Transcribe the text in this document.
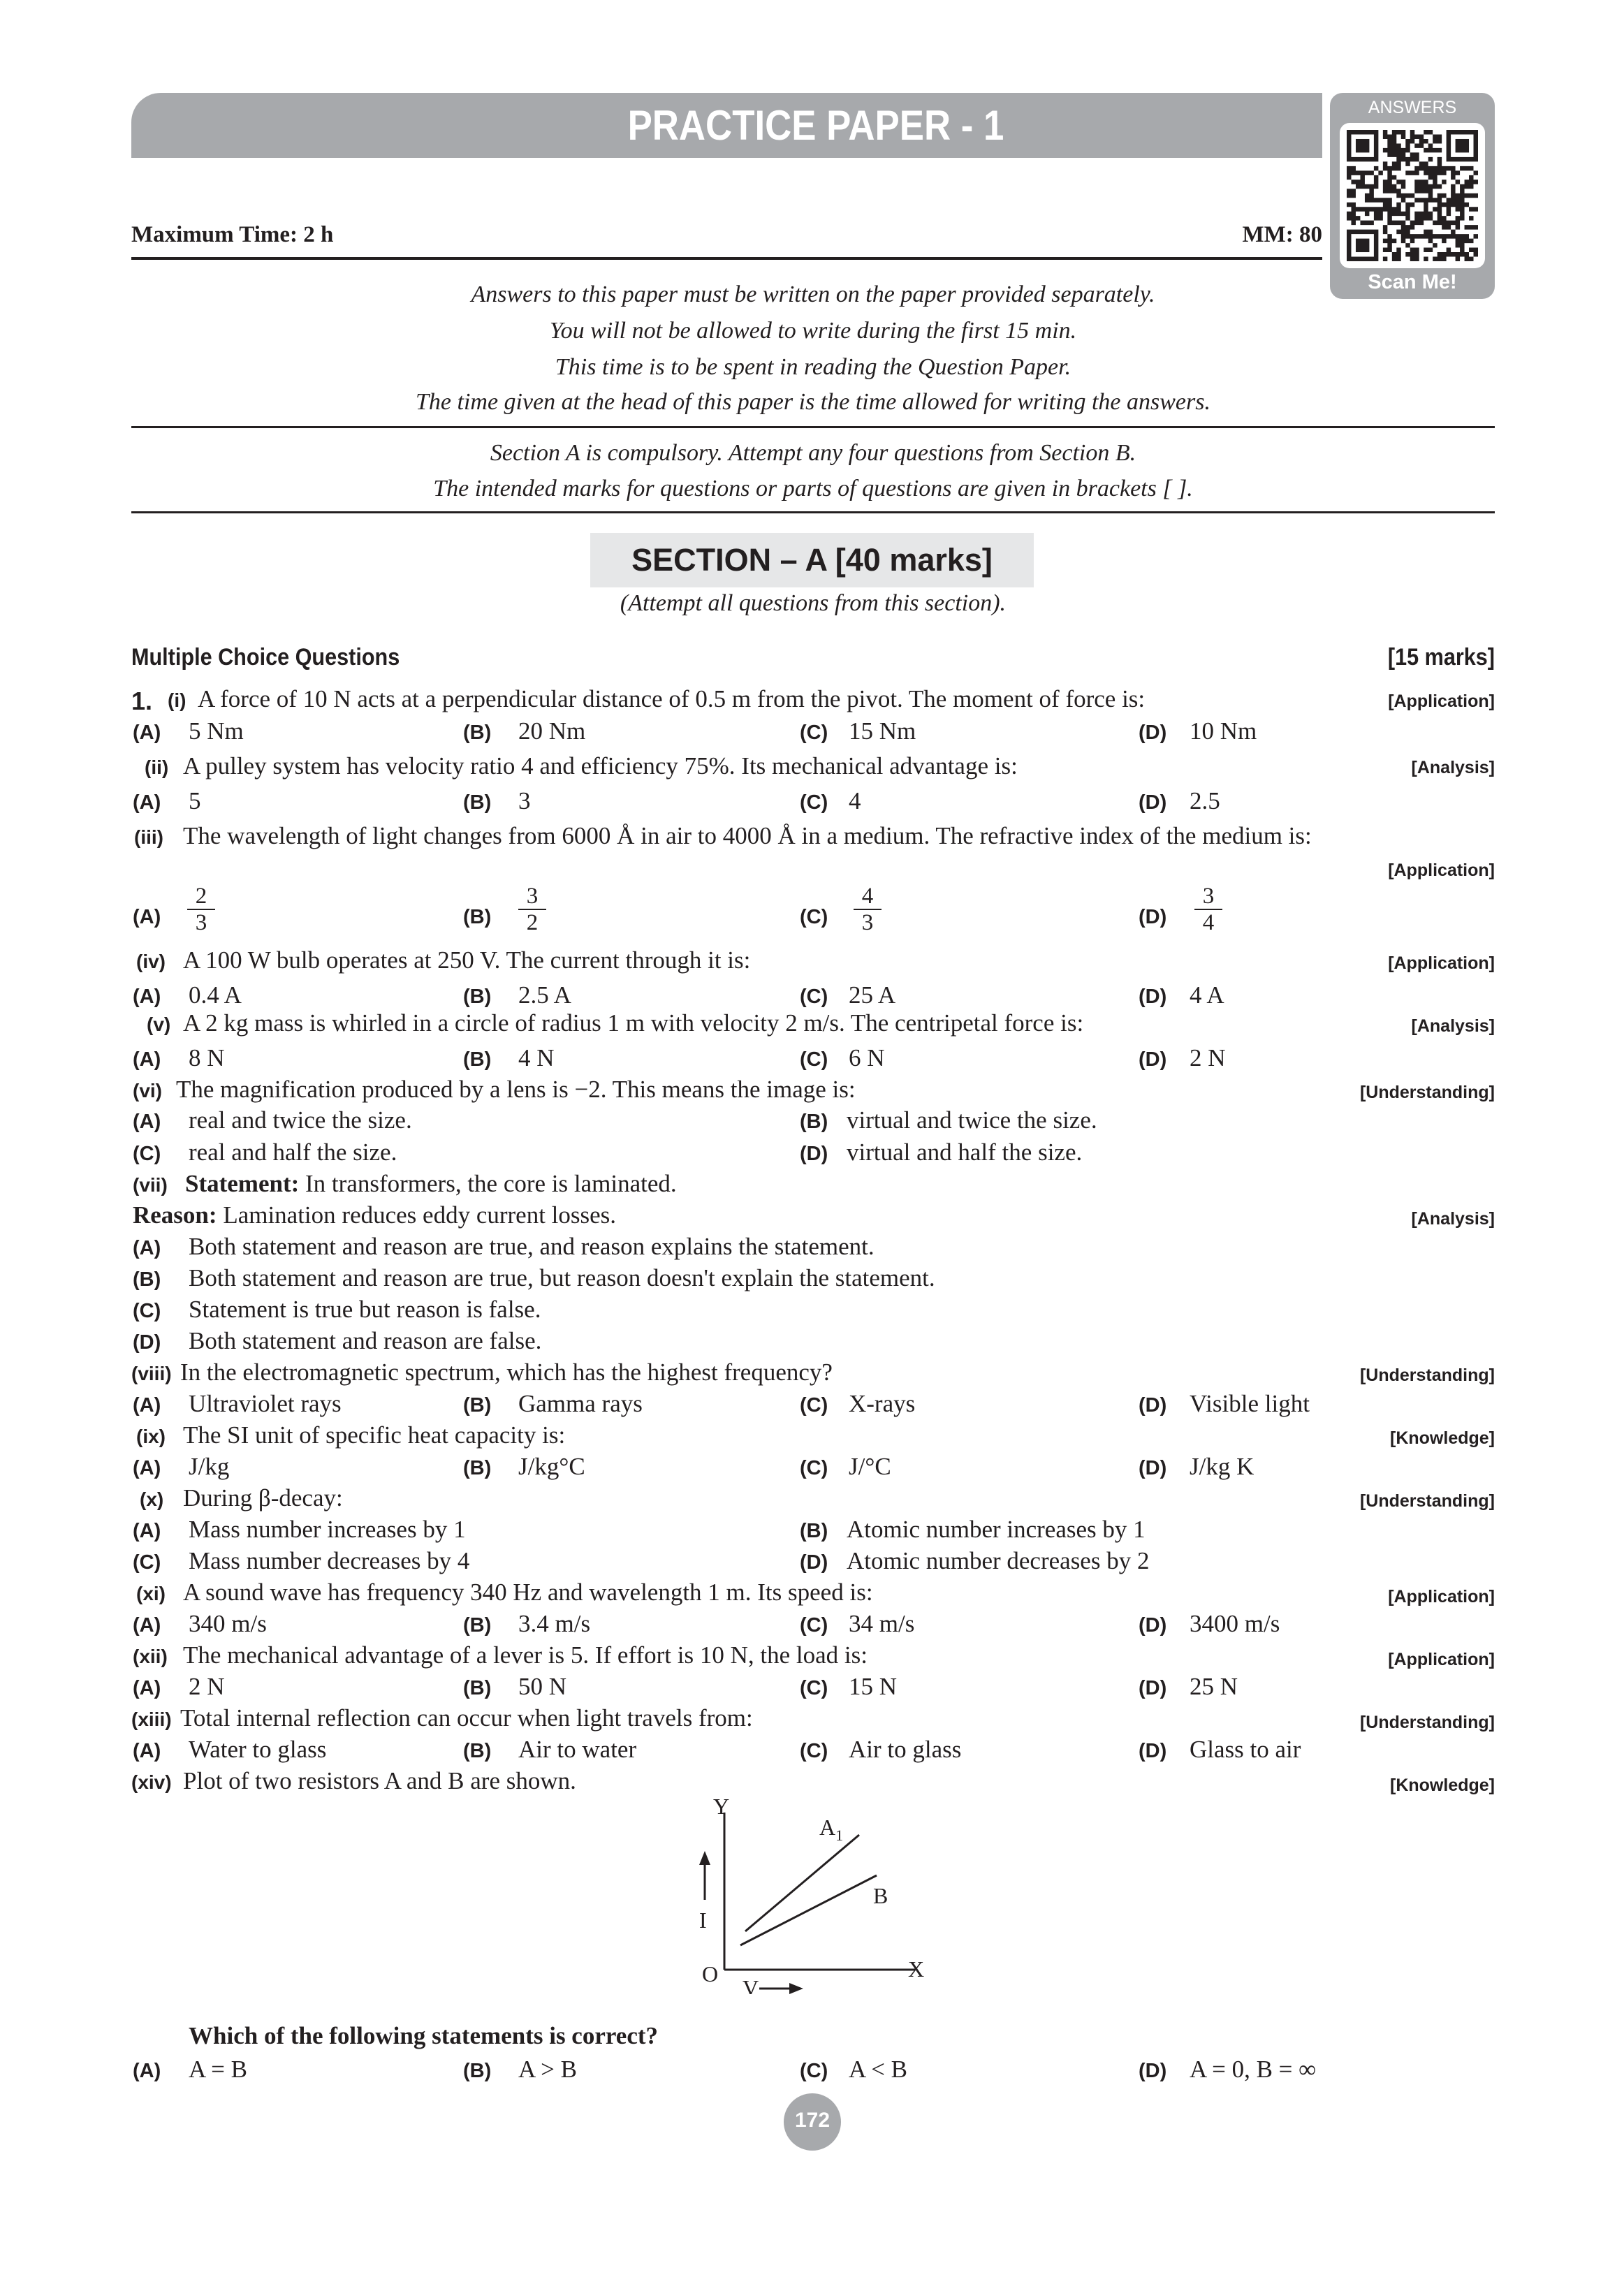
PRACTICE PAPER - 1	ANSWERS
Scan Me!
Maximum Time: 2 h	MM: 80
Answers to this paper must be written on the paper provided separately.
You will not be allowed to write during the first 15 min.
This time is to be spent in reading the Question Paper.
The time given at the head of this paper is the time allowed for writing the answers.
Section A is compulsory. Attempt any four questions from Section B.
The intended marks for questions or parts of questions are given in brackets [ ].
SECTION – A [40 marks]
(Attempt all questions from this section).
Multiple Choice Questions	[15 marks]
1. (i) A force of 10 N acts at a perpendicular distance of 0.5 m from the pivot. The moment of force is:	[Application]
(A) 5 Nm	(B) 20 Nm	(C) 15 Nm	(D) 10 Nm
(ii) A pulley system has velocity ratio 4 and efficiency 75%. Its mechanical advantage is:	[Analysis]
(A) 5	(B) 3	(C) 4	(D) 2.5
(iii) The wavelength of light changes from 6000 Å in air to 4000 Å in a medium. The refractive index of the medium is:
[Application]
$(A) \frac{2}{3}$	$(B) \frac{3}{2}$	$(C) \frac{4}{3}$	$(D) \frac{3}{4}$
(iv) A 100 W bulb operates at 250 V. The current through it is:	[Application]
(A) 0.4 A	(B) 2.5 A	(C) 25 A	(D) 4 A
(v) A 2 kg mass is whirled in a circle of radius 1 m with velocity 2 m/s. The centripetal force is:	[Analysis]
(A) 8 N	(B) 4 N	(C) 6 N	(D) 2 N
(vi) The magnification produced by a lens is −2. This means the image is:	[Understanding]
(A) real and twice the size.	(B) virtual and twice the size.
(C) real and half the size.	(D) virtual and half the size.
(vii) Statement: In transformers, the core is laminated.
Reason: Lamination reduces eddy current losses.	[Analysis]
(A) Both statement and reason are true, and reason explains the statement.
(B) Both statement and reason are true, but reason doesn't explain the statement.
(C) Statement is true but reason is false.
(D) Both statement and reason are false.
(viii) In the electromagnetic spectrum, which has the highest frequency?	[Understanding]
(A) Ultraviolet rays	(B) Gamma rays	(C) X-rays	(D) Visible light
(ix) The SI unit of specific heat capacity is:	[Knowledge]
(A) J/kg	(B) J/kg°C	(C) J/°C	(D) J/kg K
(x) During β-decay:	[Understanding]
(A) Mass number increases by 1	(B) Atomic number increases by 1
(C) Mass number decreases by 4	(D) Atomic number decreases by 2
(xi) A sound wave has frequency 340 Hz and wavelength 1 m. Its speed is:	[Application]
(A) 340 m/s	(B) 3.4 m/s	(C) 34 m/s	(D) 3400 m/s
(xii) The mechanical advantage of a lever is 5. If effort is 10 N, the load is:	[Application]
(A) 2 N	(B) 50 N	(C) 15 N	(D) 25 N
(xiii) Total internal reflection can occur when light travels from:	[Understanding]
(A) Water to glass	(B) Air to water	(C) Air to glass	(D) Glass to air
(xiv) Plot of two resistors A and B are shown.	[Knowledge]
Y
X
O
$A_1$
B
I
V
Which of the following statements is correct?
(A) A = B	(B) A > B	(C) A < B	(D) A = 0, B = ∞
172
